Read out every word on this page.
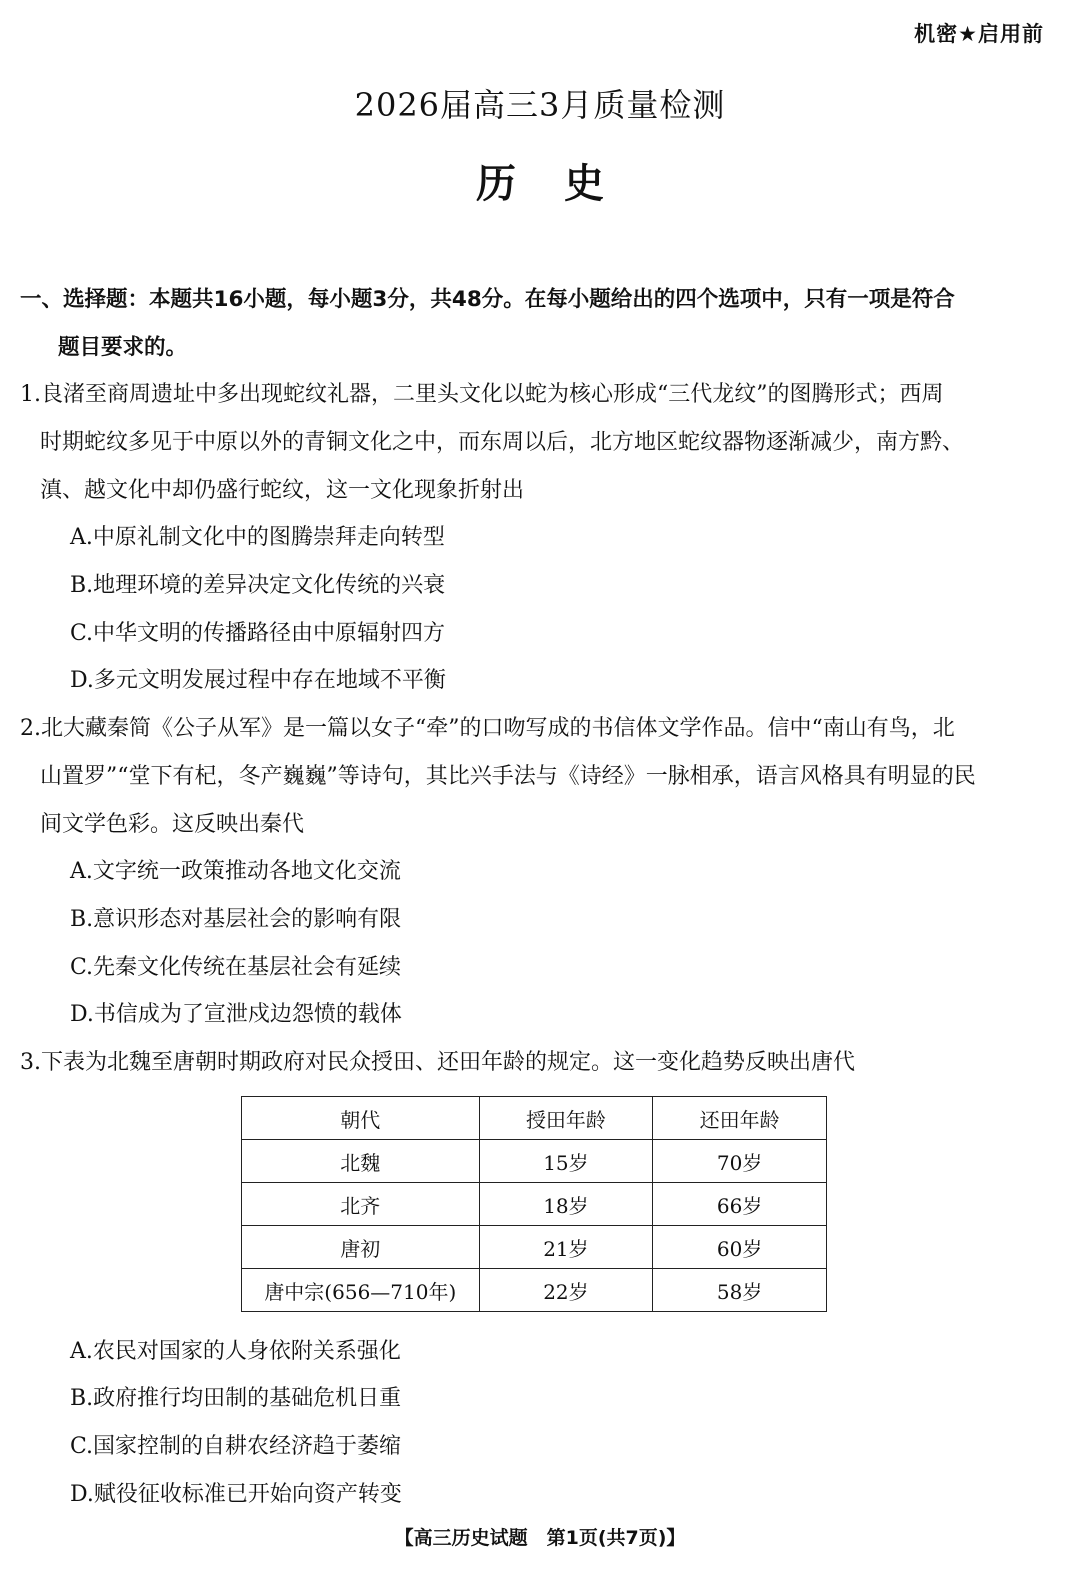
机密★启用前
2026届高三3月质量检测
历史
一、选择题：本题共16小题，每小题3分，共48分。在每小题给出的四个选项中，只有一项是符合
题目要求的。
1.良渚至商周遗址中多出现蛇纹礼器，二里头文化以蛇为核心形成“三代龙纹”的图腾形式；西周
时期蛇纹多见于中原以外的青铜文化之中，而东周以后，北方地区蛇纹器物逐渐减少，南方黔、
滇、越文化中却仍盛行蛇纹，这一文化现象折射出
A.中原礼制文化中的图腾崇拜走向转型
B.地理环境的差异决定文化传统的兴衰
C.中华文明的传播路径由中原辐射四方
D.多元文明发展过程中存在地域不平衡
2.北大藏秦简《公子从军》是一篇以女子“牵”的口吻写成的书信体文学作品。信中“南山有鸟，北
山置罗”“堂下有杞，冬产巍巍”等诗句，其比兴手法与《诗经》一脉相承，语言风格具有明显的民
间文学色彩。这反映出秦代
A.文字统一政策推动各地文化交流
B.意识形态对基层社会的影响有限
C.先秦文化传统在基层社会有延续
D.书信成为了宣泄戍边怨愤的载体
3.下表为北魏至唐朝时期政府对民众授田、还田年龄的规定。这一变化趋势反映出唐代
朝代	授田年龄	还田年龄
北魏	15岁	70岁
北齐	18岁	66岁
唐初	21岁	60岁
唐中宗(656—710年)	22岁	58岁
A.农民对国家的人身依附关系强化
B.政府推行均田制的基础危机日重
C.国家控制的自耕农经济趋于萎缩
D.赋役征收标准已开始向资产转变
【高三历史试题　第1页(共7页)】
